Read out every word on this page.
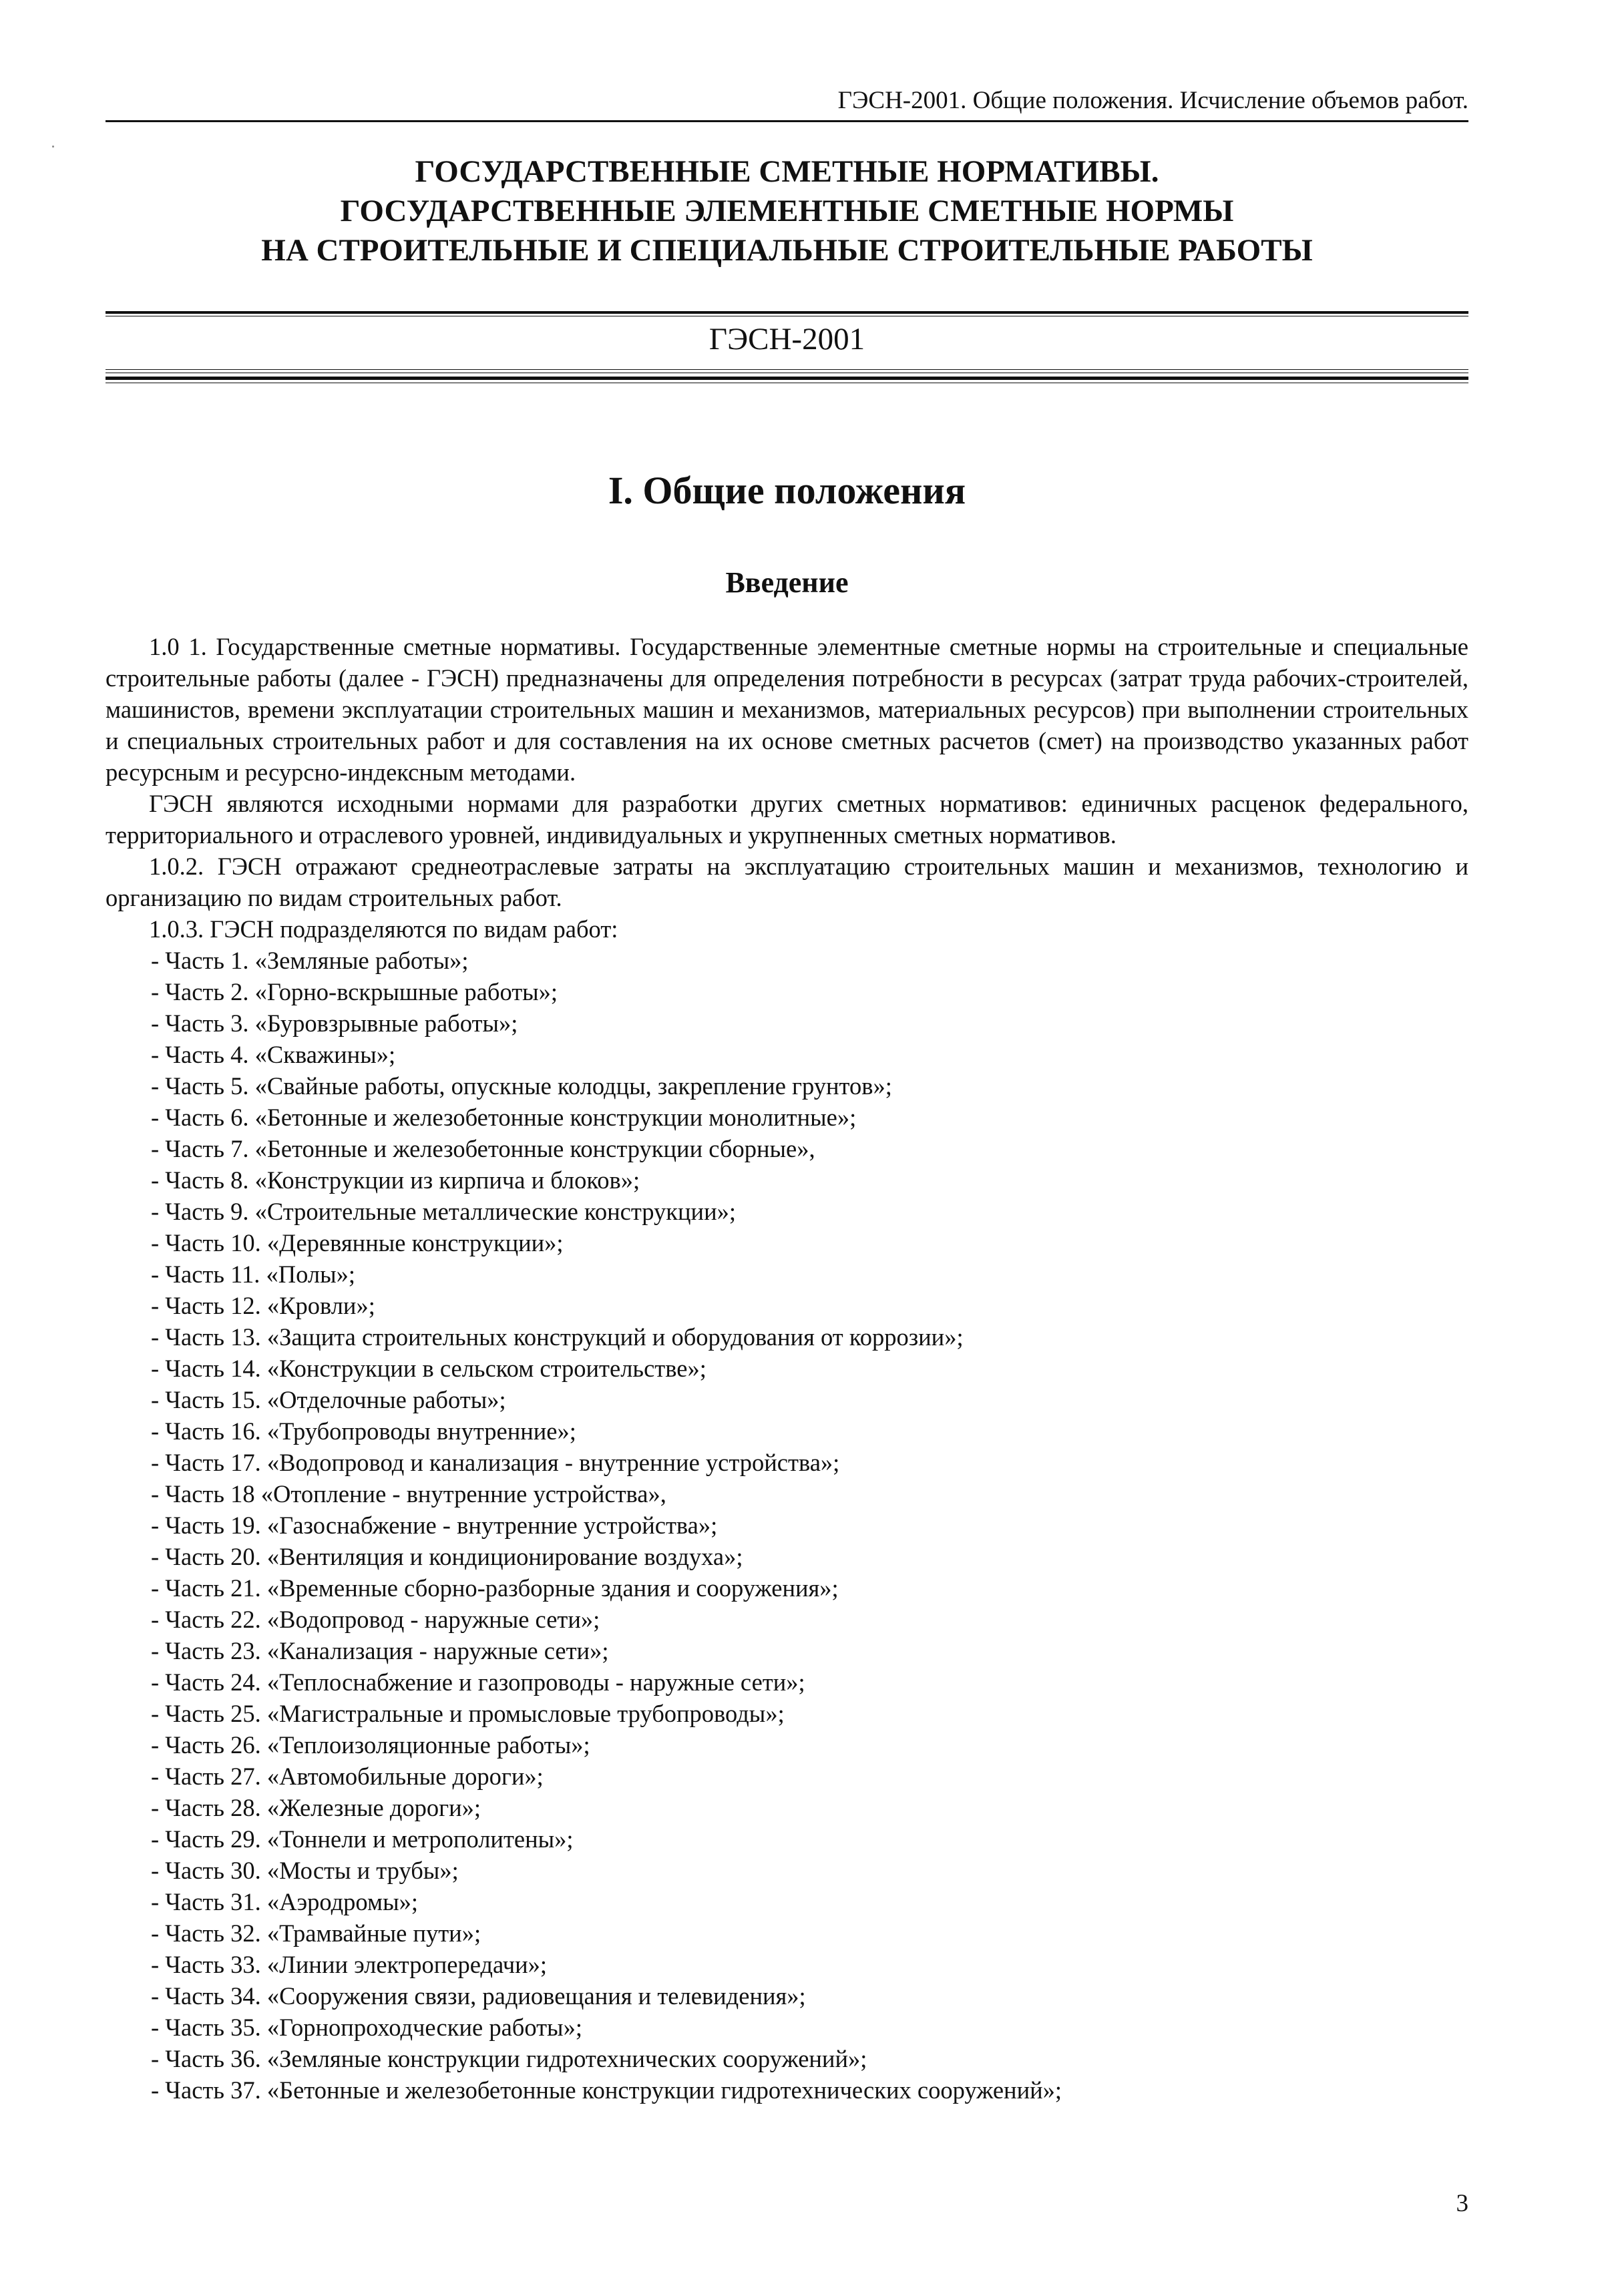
ГЭСН-2001. Общие положения. Исчисление объемов работ.
ГОСУДАРСТВЕННЫЕ СМЕТНЫЕ НОРМАТИВЫ.
ГОСУДАРСТВЕННЫЕ ЭЛЕМЕНТНЫЕ СМЕТНЫЕ НОРМЫ
НА СТРОИТЕЛЬНЫЕ И СПЕЦИАЛЬНЫЕ СТРОИТЕЛЬНЫЕ РАБОТЫ
ГЭСН-2001
I. Общие положения
Введение

1.0 1. Государственные сметные нормативы. Государственные элементные сметные нормы на строительные и специальные строительные работы (далее - ГЭСН) предназначены для определения потребности в ресурсах (затрат труда рабочих-строителей, машинистов, времени эксплуатации строительных машин и механизмов, материальных ресурсов) при выполнении строительных и специальных строительных работ и для составления на их основе сметных расчетов (смет) на производство указанных работ ресурсным и ресурсно-индексным методами.

ГЭСН являются исходными нормами для разработки других сметных нормативов: единичных расценок федерального, территориального и отраслевого уровней, индивидуальных и укрупненных сметных нормативов.

1.0.2. ГЭСН отражают среднеотраслевые затраты на эксплуатацию строительных машин и механизмов, технологию и организацию по видам строительных работ.

1.0.3. ГЭСН подразделяются по видам работ:

- Часть 1. «Земляные работы»;
- Часть 2. «Горно-вскрышные работы»;
- Часть 3. «Буровзрывные работы»;
- Часть 4. «Скважины»;
- Часть 5. «Свайные работы, опускные колодцы, закрепление грунтов»;
- Часть 6. «Бетонные и железобетонные конструкции монолитные»;
- Часть 7. «Бетонные и железобетонные конструкции сборные»,
- Часть 8. «Конструкции из кирпича и блоков»;
- Часть 9. «Строительные металлические конструкции»;
- Часть 10. «Деревянные конструкции»;
- Часть 11. «Полы»;
- Часть 12. «Кровли»;
- Часть 13. «Защита строительных конструкций и оборудования от коррозии»;
- Часть 14. «Конструкции в сельском строительстве»;
- Часть 15. «Отделочные работы»;
- Часть 16. «Трубопроводы внутренние»;
- Часть 17. «Водопровод и канализация - внутренние устройства»;
- Часть 18 «Отопление - внутренние устройства»,
- Часть 19. «Газоснабжение - внутренние устройства»;
- Часть 20. «Вентиляция и кондиционирование воздуха»;
- Часть 21. «Временные сборно-разборные здания и сооружения»;
- Часть 22. «Водопровод - наружные сети»;
- Часть 23. «Канализация - наружные сети»;
- Часть 24. «Теплоснабжение и газопроводы - наружные сети»;
- Часть 25. «Магистральные и промысловые трубопроводы»;
- Часть 26. «Теплоизоляционные работы»;
- Часть 27. «Автомобильные дороги»;
- Часть 28. «Железные дороги»;
- Часть 29. «Тоннели и метрополитены»;
- Часть 30. «Мосты и трубы»;
- Часть 31. «Аэродромы»;
- Часть 32. «Трамвайные пути»;
- Часть 33. «Линии электропередачи»;
- Часть 34. «Сооружения связи, радиовещания и телевидения»;
- Часть 35. «Горнопроходческие работы»;
- Часть 36. «Земляные конструкции гидротехнических сооружений»;
- Часть 37. «Бетонные и железобетонные конструкции гидротехнических сооружений»;
3
